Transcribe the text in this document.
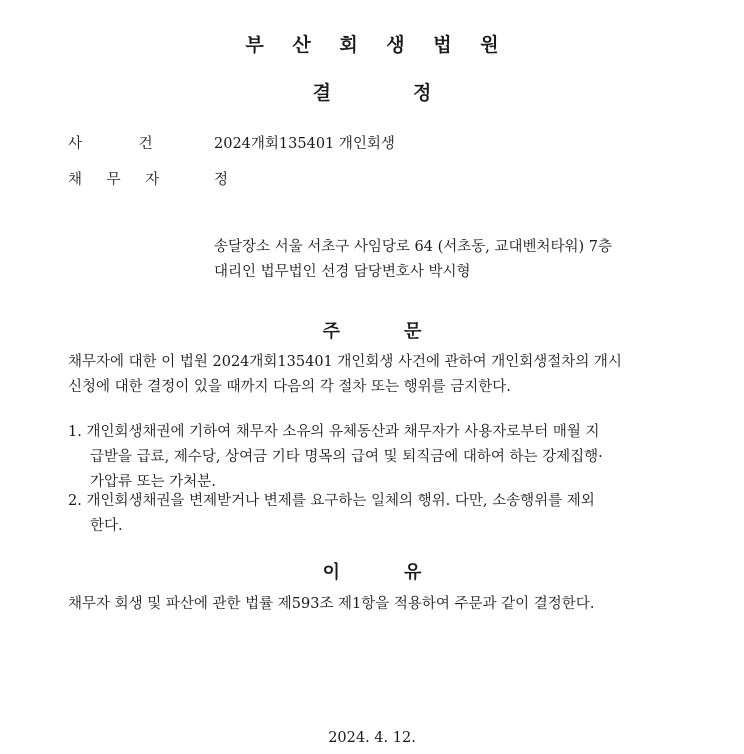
부 산 회 생 법 원
결	정
사 건	2024개회135401 개인회생
채 무 자	정
송달장소 서울 서초구 사임당로 64 (서초동, 교대벤처타워) 7층
대리인 법무법인 선경 담당변호사 박시형
주	문
채무자에 대한 이 법원 2024개회135401 개인회생 사건에 관하여 개인회생절차의 개시
신청에 대한 결정이 있을 때까지 다음의 각 절차 또는 행위를 금지한다.
1. 개인회생채권에 기하여 채무자 소유의 유체동산과 채무자가 사용자로부터 매월 지
급받을 급료, 제수당, 상여금 기타 명목의 급여 및 퇴직금에 대하여 하는 강제집행·
가압류 또는 가처분.
2. 개인회생채권을 변제받거나 변제를 요구하는 일체의 행위. 다만, 소송행위를 제외
한다.
이	유
채무자 회생 및 파산에 관한 법률 제593조 제1항을 적용하여 주문과 같이 결정한다.
2024. 4. 12.
